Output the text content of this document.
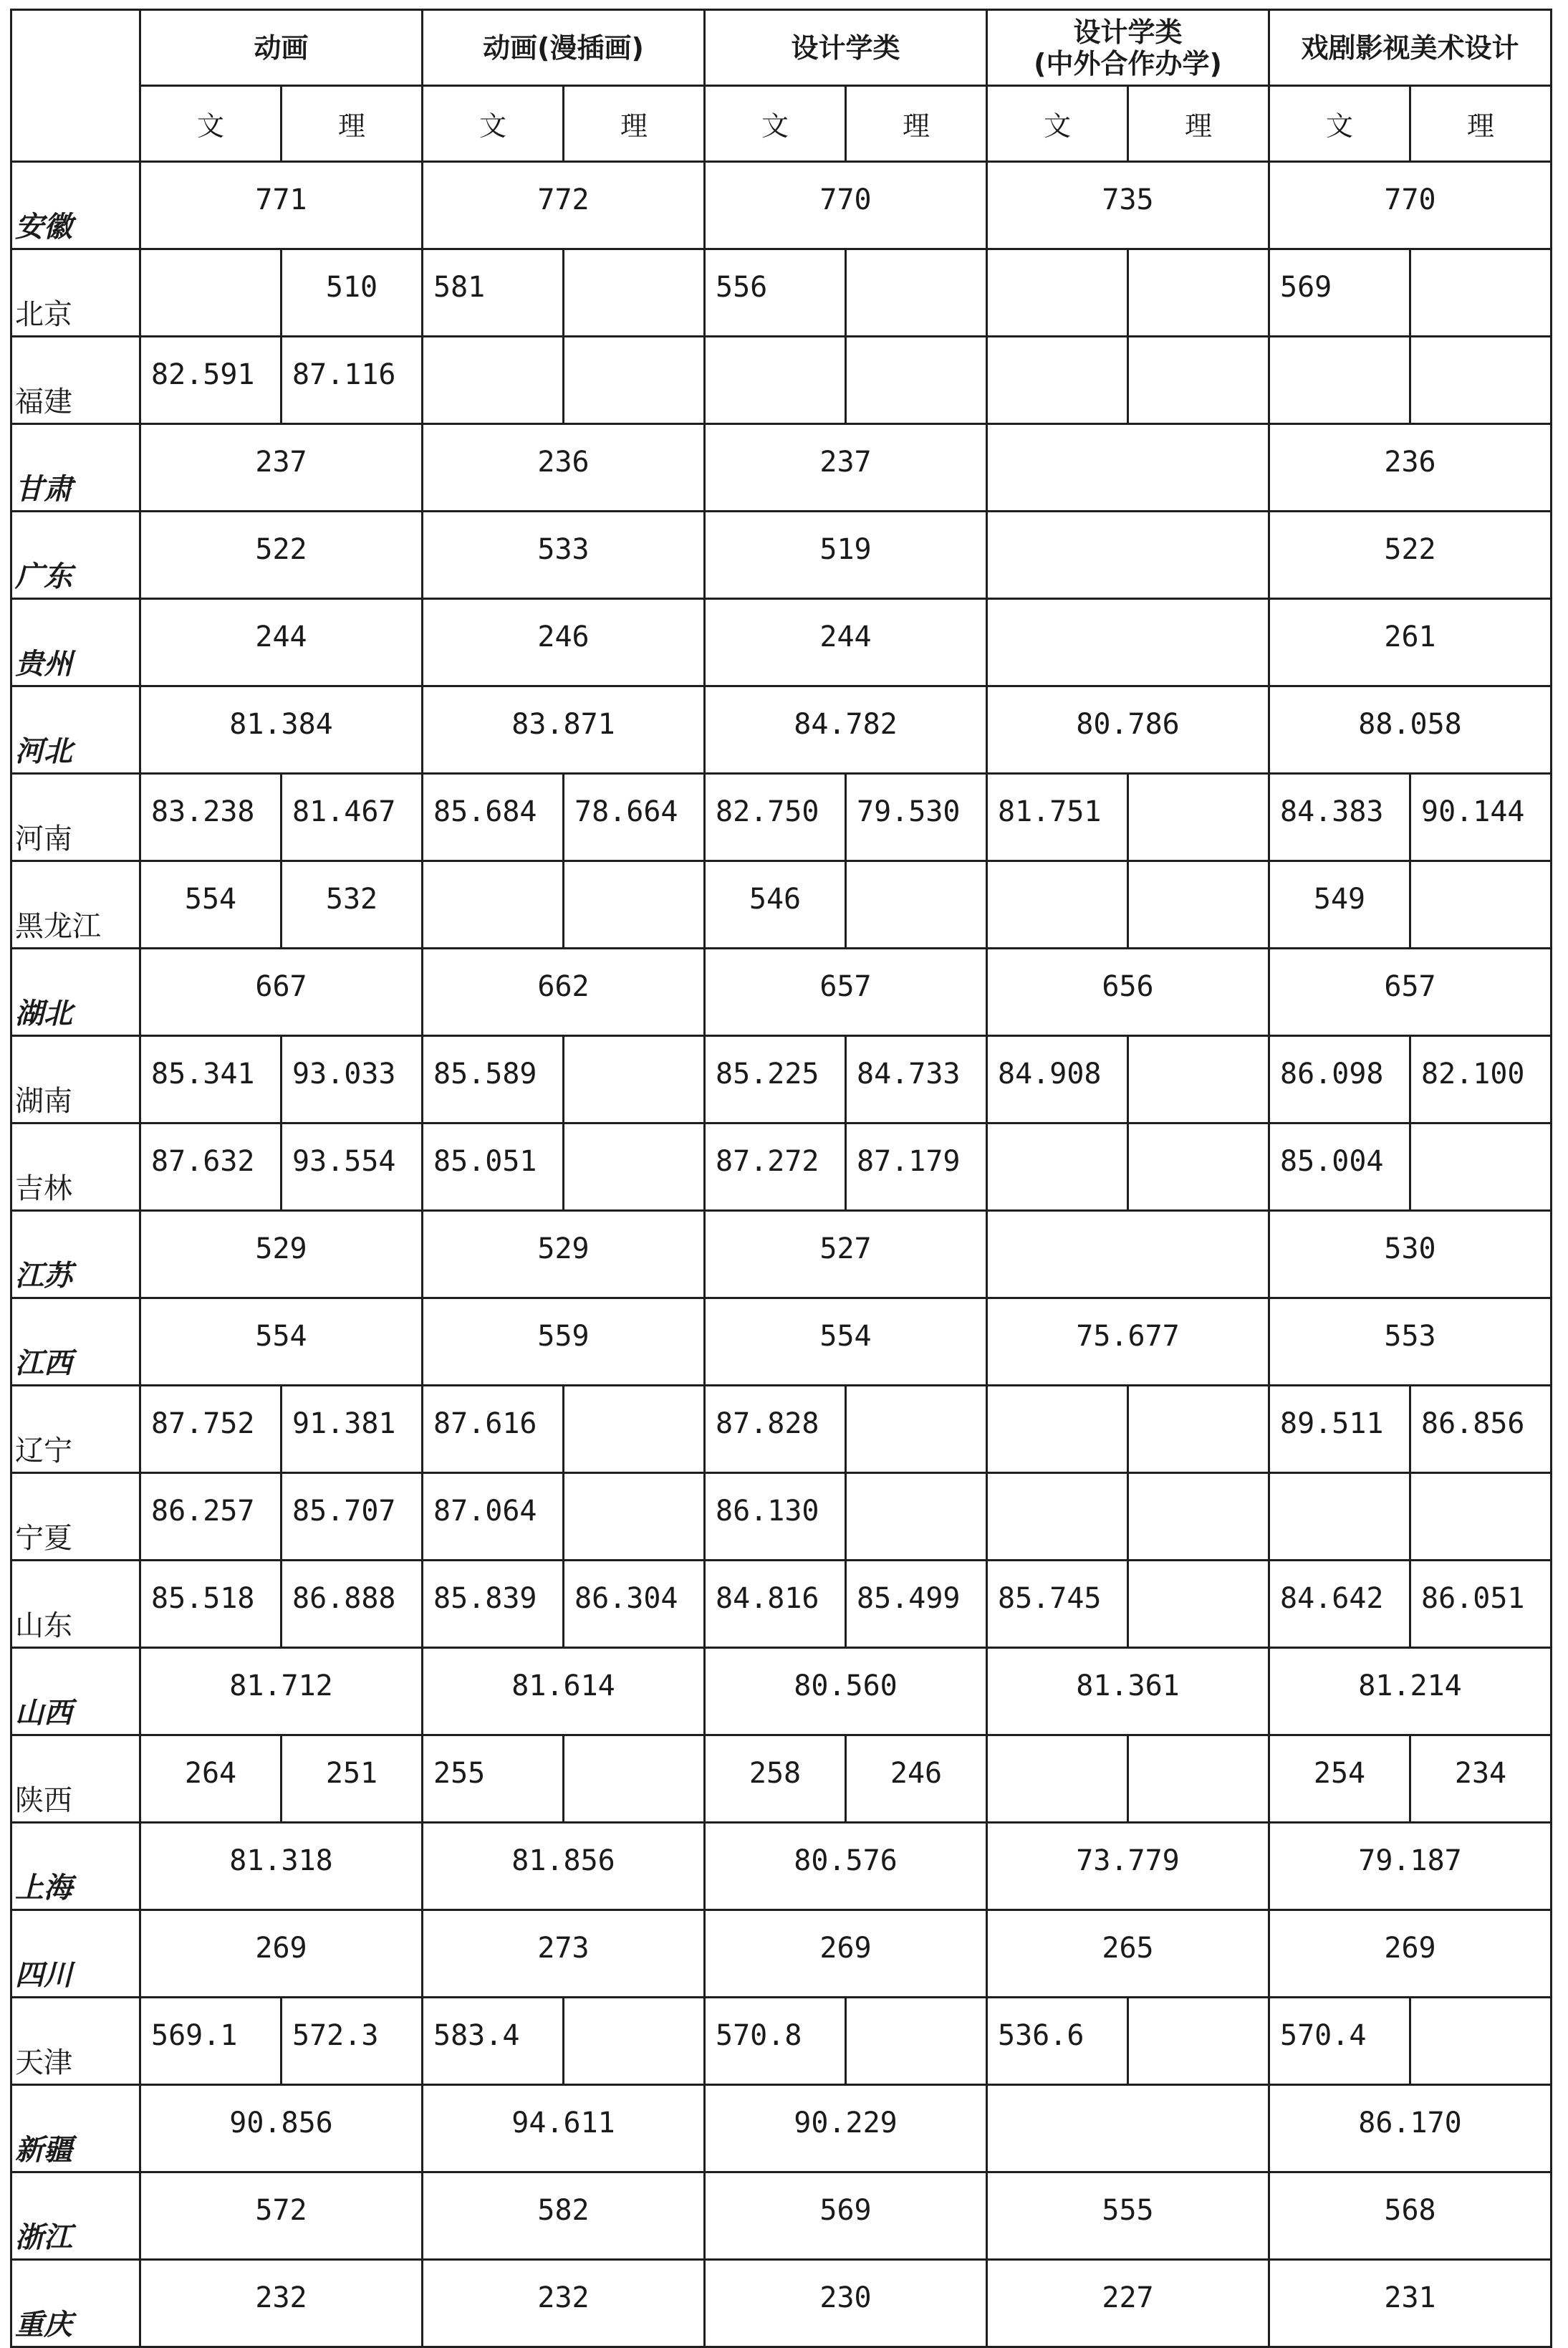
	动画		动画(漫插画)		设计学类		设计学类
(中外合作办学)		戏剧影视美术设计	
	文	理	文	理	文	理	文	理	文	理
安徽	771		772		770		735		770	
北京		510	581		556				569	
福建	82.591	87.116								
甘肃	237		236		237				236	
广东	522		533		519				522	
贵州	244		246		244				261	
河北	81.384		83.871		84.782		80.786		88.058	
河南	83.238	81.467	85.684	78.664	82.750	79.530	81.751		84.383	90.144
黑龙江	554	532			546				549	
湖北	667		662		657		656		657	
湖南	85.341	93.033	85.589		85.225	84.733	84.908		86.098	82.100
吉林	87.632	93.554	85.051		87.272	87.179			85.004	
江苏	529		529		527				530	
江西	554		559		554		75.677		553	
辽宁	87.752	91.381	87.616		87.828				89.511	86.856
宁夏	86.257	85.707	87.064		86.130					
山东	85.518	86.888	85.839	86.304	84.816	85.499	85.745		84.642	86.051
山西	81.712		81.614		80.560		81.361		81.214	
陕西	264	251	255		258	246			254	234
上海	81.318		81.856		80.576		73.779		79.187	
四川	269		273		269		265		269	
天津	569.1	572.3	583.4		570.8		536.6		570.4	
新疆	90.856		94.611		90.229				86.170	
浙江	572		582		569		555		568	
重庆	232		232		230		227		231	
